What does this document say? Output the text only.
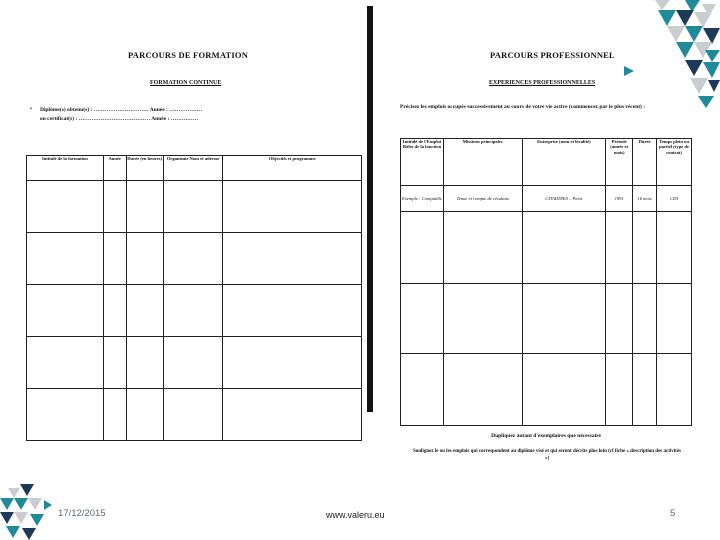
PARCOURS DE FORMATION
FORMATION CONTINUE
• Diplôme(s) obtenu(s) : ………………………… Année : ………………
ou certificat(s) : ………………………………… Année : ……………
Intitulé de la formation	Année	Durée (en heures)	Organisme Nom et adresse	Objectifs et programme

PARCOURS PROFESSIONNEL
EXPERIENCES PROFESSIONNELLES
Précisez les emplois occupés successivement au cours de votre vie active (commencez par le plus récent) :
Intitulé de l'Emploi Rôles de la fonction	Missions principales	Entreprise (nom et localité)	Période (année et mois)	Durée	Temps plein ou partiel (type de contrat)
Exemple : Comptable	Tenue et compte de résultats	CITADINES – Paris	1991	16 mois	CDI

Dupliquez autant d'exemplaires que nécessaire
Soulignez le ou les emplois qui correspondent au diplôme visé et qui seront décrits plus loin (cf fiche « description des activités »)
17/12/2015	www.valeru.eu	5
